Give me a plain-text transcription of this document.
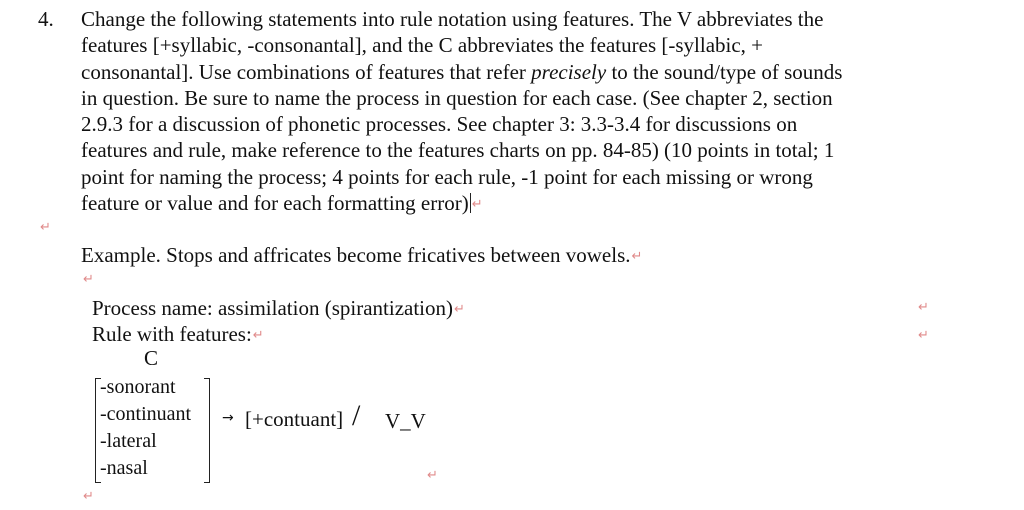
4. Change the following statements into rule notation using features. The V abbreviates the
features [+syllabic, -consonantal], and the C abbreviates the features [-syllabic, +
consonantal]. Use combinations of features that refer precisely to the sound/type of sounds
in question. Be sure to name the process in question for each case. (See chapter 2, section
2.9.3 for a discussion of phonetic processes. See chapter 3: 3.3-3.4 for discussions on
features and rule, make reference to the features charts on pp. 84-85) (10 points in total; 1
point for naming the process; 4 points for each rule, -1 point for each missing or wrong
feature or value and for each formatting error) ↵
↵
Example. Stops and affricates become fricatives between vowels.↵
↵
Process name: assimilation (spirantization)↵
Rule with features:↵
↵
↵
C
-sonorant
-continuant
-lateral
-nasal
→ [+contuant] / V_V
↵
↵
